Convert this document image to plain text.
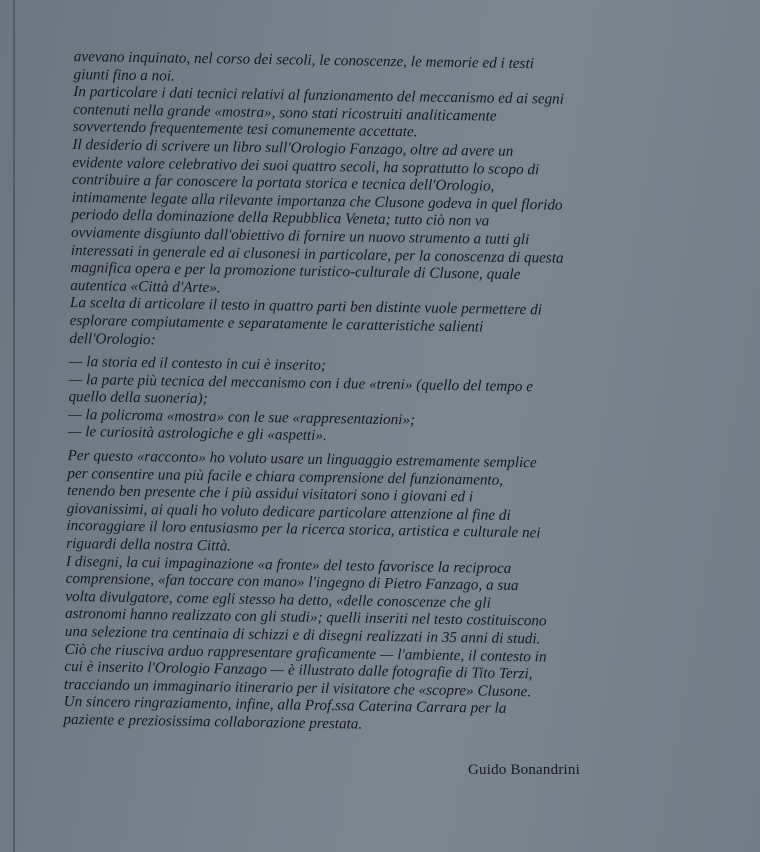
avevano inquinato, nel corso dei secoli, le conoscenze, le memorie ed i testi
giunti fino a noi.

In particolare i dati tecnici relativi al funzionamento del meccanismo ed ai segni
contenuti nella grande «mostra», sono stati ricostruiti analiticamente
sovvertendo frequentemente tesi comunemente accettate.

Il desiderio di scrivere un libro sull'Orologio Fanzago, oltre ad avere un
evidente valore celebrativo dei suoi quattro secoli, ha soprattutto lo scopo di
contribuire a far conoscere la portata storica e tecnica dell'Orologio,
intimamente legate alla rilevante importanza che Clusone godeva in quel florido
periodo della dominazione della Repubblica Veneta; tutto ciò non va
ovviamente disgiunto dall'obiettivo di fornire un nuovo strumento a tutti gli
interessati in generale ed ai clusonesi in particolare, per la conoscenza di questa
magnifica opera e per la promozione turistico-culturale di Clusone, quale
autentica «Città d'Arte».

La scelta di articolare il testo in quattro parti ben distinte vuole permettere di
esplorare compiutamente e separatamente le caratteristiche salienti
dell'Orologio:

— la storia ed il contesto in cui è inserito;
— la parte più tecnica del meccanismo con i due «treni» (quello del tempo e
quello della suoneria);
— la policroma «mostra» con le sue «rappresentazioni»;
— le curiosità astrologiche e gli «aspetti».

Per questo «racconto» ho voluto usare un linguaggio estremamente semplice
per consentire una più facile e chiara comprensione del funzionamento,
tenendo ben presente che i più assidui visitatori sono i giovani ed i
giovanissimi, ai quali ho voluto dedicare particolare attenzione al fine di
incoraggiare il loro entusiasmo per la ricerca storica, artistica e culturale nei
riguardi della nostra Città.

I disegni, la cui impaginazione «a fronte» del testo favorisce la reciproca
comprensione, «fan toccare con mano» l'ingegno di Pietro Fanzago, a sua
volta divulgatore, come egli stesso ha detto, «delle conoscenze che gli
astronomi hanno realizzato con gli studi»; quelli inseriti nel testo costituiscono
una selezione tra centinaia di schizzi e di disegni realizzati in 35 anni di studi.

Ciò che riusciva arduo rappresentare graficamente — l'ambiente, il contesto in
cui è inserito l'Orologio Fanzago — è illustrato dalle fotografie di Tito Terzi,
tracciando un immaginario itinerario per il visitatore che «scopre» Clusone.

Un sincero ringraziamento, infine, alla Prof.ssa Caterina Carrara per la
paziente e preziosissima collaborazione prestata.

Guido Bonandrini
